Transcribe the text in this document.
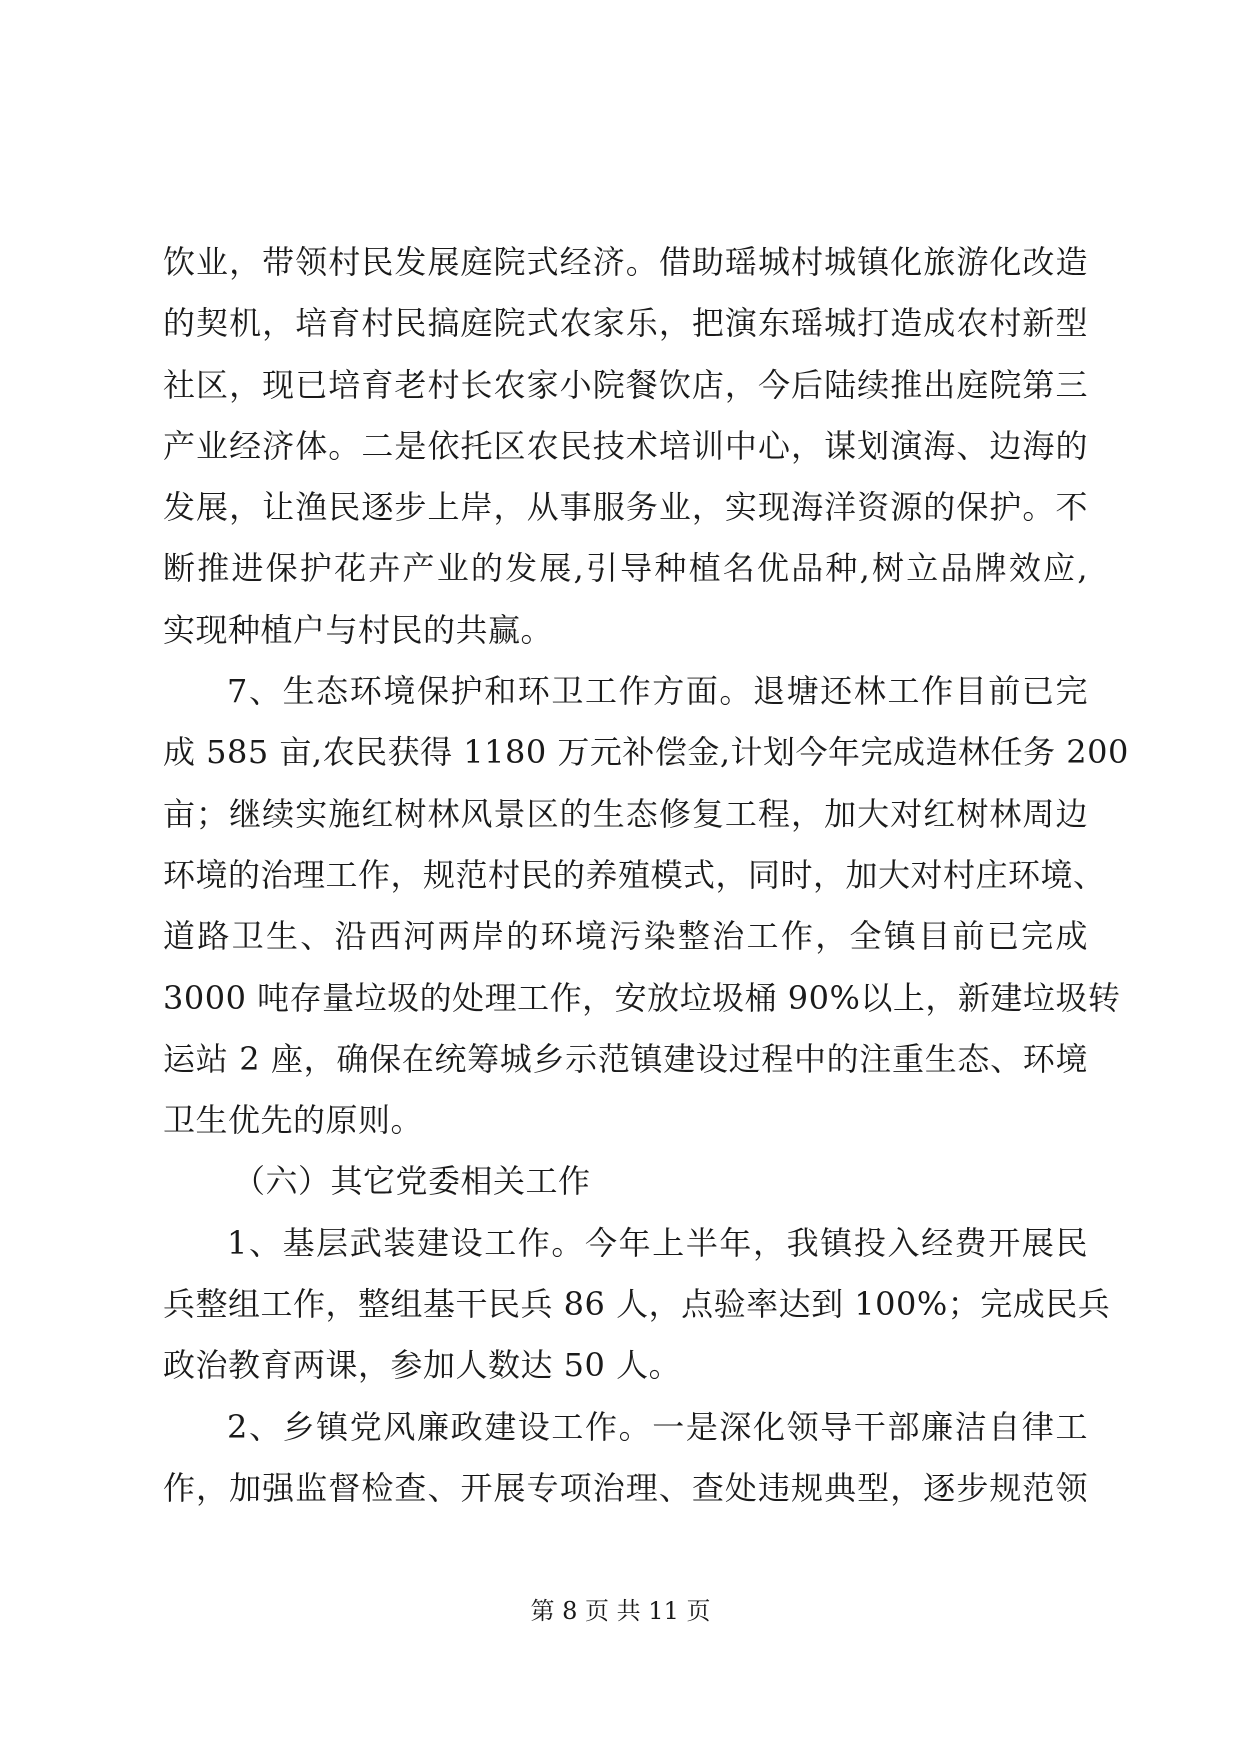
饮业，带领村民发展庭院式经济。借助瑶城村城镇化旅游化改造
的契机，培育村民搞庭院式农家乐，把演东瑶城打造成农村新型
社区，现已培育老村长农家小院餐饮店，今后陆续推出庭院第三
产业经济体。二是依托区农民技术培训中心，谋划演海、边海的
发展，让渔民逐步上岸，从事服务业，实现海洋资源的保护。不
断推进保护花卉产业的发展,引导种植名优品种,树立品牌效应,
实现种植户与村民的共赢。
7、生态环境保护和环卫工作方面。退塘还林工作目前已完
成 585 亩,农民获得 1180 万元补偿金,计划今年完成造林任务 200
亩；继续实施红树林风景区的生态修复工程，加大对红树林周边
环境的治理工作，规范村民的养殖模式，同时，加大对村庄环境、
道路卫生、沿西河两岸的环境污染整治工作，全镇目前已完成
3000 吨存量垃圾的处理工作，安放垃圾桶 90%以上，新建垃圾转
运站 2 座，确保在统筹城乡示范镇建设过程中的注重生态、环境
卫生优先的原则。
（六）其它党委相关工作
1、基层武装建设工作。今年上半年，我镇投入经费开展民
兵整组工作，整组基干民兵 86 人，点验率达到 100%；完成民兵
政治教育两课，参加人数达 50 人。
2、乡镇党风廉政建设工作。一是深化领导干部廉洁自律工
作，加强监督检查、开展专项治理、查处违规典型，逐步规范领
第 8 页 共 11 页
